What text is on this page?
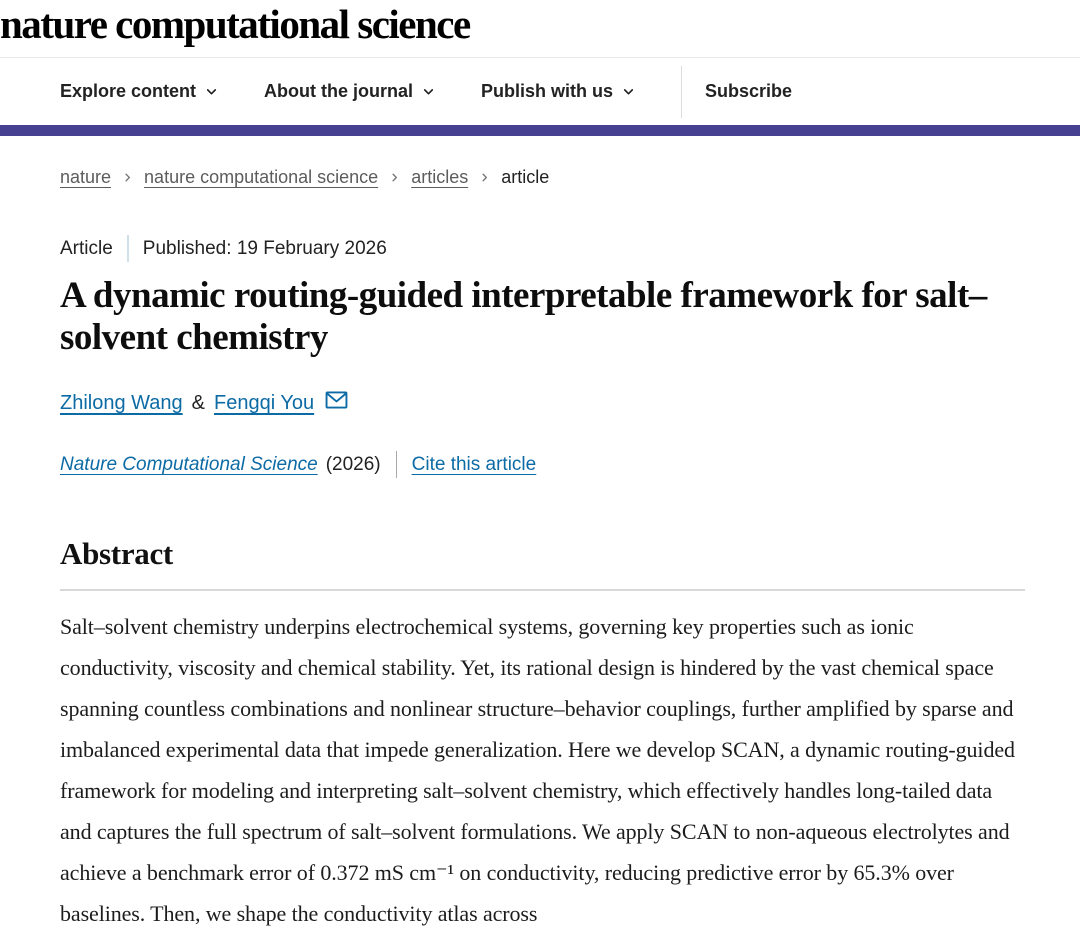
nature computational science
Explore content	About the journal	Publish with us	Subscribe
nature nature computational science articles article
Article Published: 19 February 2026
A dynamic routing-guided interpretable framework for salt–solvent chemistry
Zhilong Wang & Fengqi You
Nature Computational Science (2026) Cite this article
Abstract

Salt–solvent chemistry underpins electrochemical systems, governing key properties such as ionic conductivity, viscosity and chemical stability. Yet, its rational design is hindered by the vast chemical space spanning countless combinations and nonlinear structure–behavior couplings, further amplified by sparse and imbalanced experimental data that impede generalization. Here we develop SCAN, a dynamic routing-guided framework for modeling and interpreting salt–solvent chemistry, which effectively handles long-tailed data and captures the full spectrum of salt–solvent formulations. We apply SCAN to non-aqueous electrolytes and achieve a benchmark error of 0.372 mS cm⁻¹ on conductivity, reducing predictive error by 65.3% over baselines. Then, we shape the conductivity atlas across
